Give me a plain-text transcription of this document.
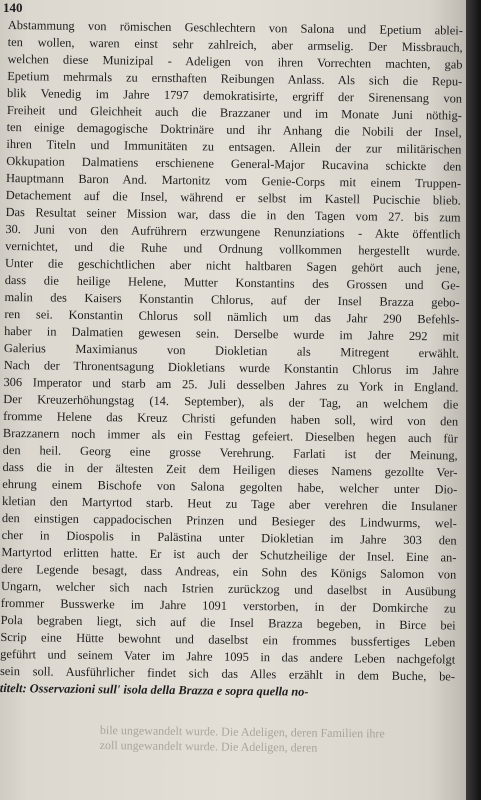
140
Abstammung von römischen Geschlechtern von Salona und Epetium ablei-
ten wollen, waren einst sehr zahlreich, aber armselig. Der Missbrauch,
welchen diese Munizipal - Adeligen von ihren Vorrechten machten, gab
Epetium mehrmals zu ernsthaften Reibungen Anlass. Als sich die Repu-
blik Venedig im Jahre 1797 demokratisirte, ergriff der Sirenensang von
Freiheit und Gleichheit auch die Brazzaner und im Monate Juni nöthig-
ten einige demagogische Doktrinäre und ihr Anhang die Nobili der Insel,
ihren Titeln und Immunitäten zu entsagen. Allein der zur militärischen
Okkupation Dalmatiens erschienene General-Major Rucavina schickte den
Hauptmann Baron And. Martonitz vom Genie-Corps mit einem Truppen-
Detachement auf die Insel, während er selbst im Kastell Pucischie blieb.
Das Resultat seiner Mission war, dass die in den Tagen vom 27. bis zum
30. Juni von den Aufrührern erzwungene Renunziations - Akte öffentlich
vernichtet, und die Ruhe und Ordnung vollkommen hergestellt wurde.
Unter die geschichtlichen aber nicht haltbaren Sagen gehört auch jene,
dass die heilige Helene, Mutter Konstantins des Grossen und Ge-
malin des Kaisers Konstantin Chlorus, auf der Insel Brazza gebo-
ren sei. Konstantin Chlorus soll nämlich um das Jahr 290 Befehls-
haber in Dalmatien gewesen sein. Derselbe wurde im Jahre 292 mit
Galerius Maximianus von Diokletian als Mitregent erwählt.
Nach der Thronentsagung Diokletians wurde Konstantin Chlorus im Jahre
306 Imperator und starb am 25. Juli desselben Jahres zu York in England.
Der Kreuzerhöhungstag (14. September), als der Tag, an welchem die
fromme Helene das Kreuz Christi gefunden haben soll, wird von den
Brazzanern noch immer als ein Festtag gefeiert. Dieselben hegen auch für
den heil. Georg eine grosse Verehrung. Farlati ist der Meinung,
dass die in der ältesten Zeit dem Heiligen dieses Namens gezollte Ver-
ehrung einem Bischofe von Salona gegolten habe, welcher unter Dio-
kletian den Martyrtod starb. Heut zu Tage aber verehren die Insulaner
den einstigen cappadocischen Prinzen und Besieger des Lindwurms, wel-
cher in Diospolis in Palästina unter Diokletian im Jahre 303 den
Martyrtod erlitten hatte. Er ist auch der Schutzheilige der Insel. Eine an-
dere Legende besagt, dass Andreas, ein Sohn des Königs Salomon von
Ungarn, welcher sich nach Istrien zurückzog und daselbst in Ausübung
frommer Busswerke im Jahre 1091 verstorben, in der Domkirche zu
Pola begraben liegt, sich auf die Insel Brazza begeben, in Birce bei
Scrip eine Hütte bewohnt und daselbst ein frommes bussfertiges Leben
geführt und seinem Vater im Jahre 1095 in das andere Leben nachgefolgt
sein soll. Ausführlicher findet sich das Alles erzählt in dem Buche, be-
titelt: Osservazioni sull' isola della Brazza e sopra quella no-
bile ungewandelt wurde. Die Adeligen, deren Familien ihre
zoll ungewandelt wurde. Die Adeligen, deren
